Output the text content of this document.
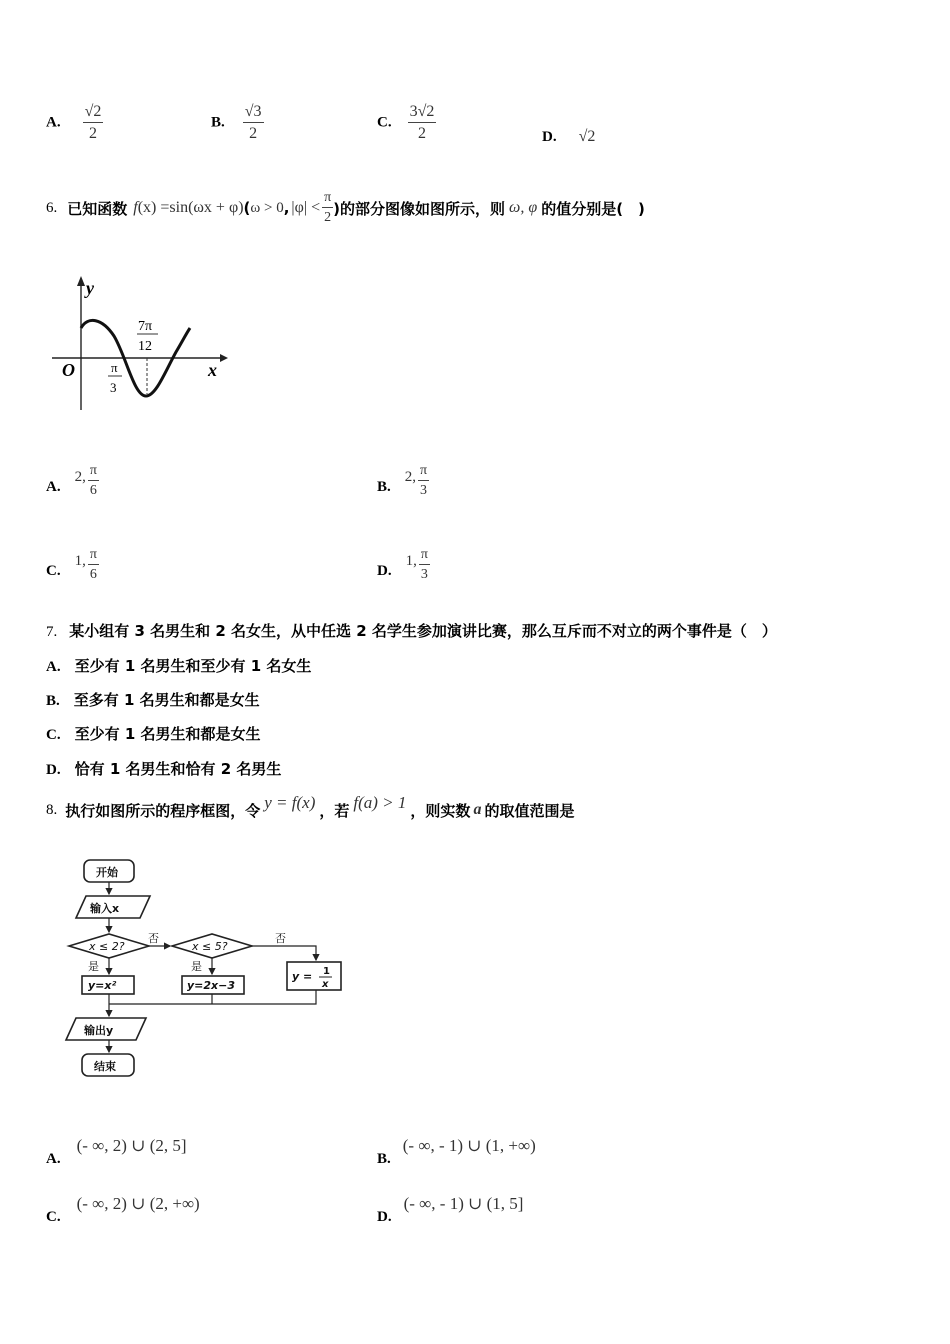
A. $\frac{√2}{2}$	B. $\frac{√3}{2}$	C. $\frac{3√2}{2}$	D. √2
6. 已知函数 f (x) =sin(ωx + φ) ( ω > 0 , $|\varphi| < \frac{\pi}{2}$ )的部分图像如图所示，则 ω, φ 的值分别是(　)
y
x
O
7π
12
π
3
A.
2, $\frac{\pi}{6}$	B.
2, $\frac{\pi}{3}$
C.
1, $\frac{\pi}{6}$	D.
1, $\frac{\pi}{3}$
7. 某小组有 3 名男生和 2 名女生，从中任选 2 名学生参加演讲比赛，那么互斥而不对立的两个事件是（　）
A. 至少有 1 名男生和至少有 1 名女生
B. 至多有 1 名男生和都是女生
C. 至少有 1 名男生和都是女生
D. 恰有 1 名男生和恰有 2 名男生
8. 执行如图所示的程序框图，令 y = f(x) ，若 f(a) > 1 ，则实数 a 的取值范围是
开始
输入x
x ≤ 2?
否
是
x ≤ 5?
否
是
y=x²	y=2x−3
y = 1
x
输出y
结束
A.
(- ∞, 2) ∪ (2, 5]
B.
(- ∞, - 1) ∪ (1, +∞)
C.
(- ∞, 2) ∪ (2, +∞)
D.
(- ∞, - 1) ∪ (1, 5]
